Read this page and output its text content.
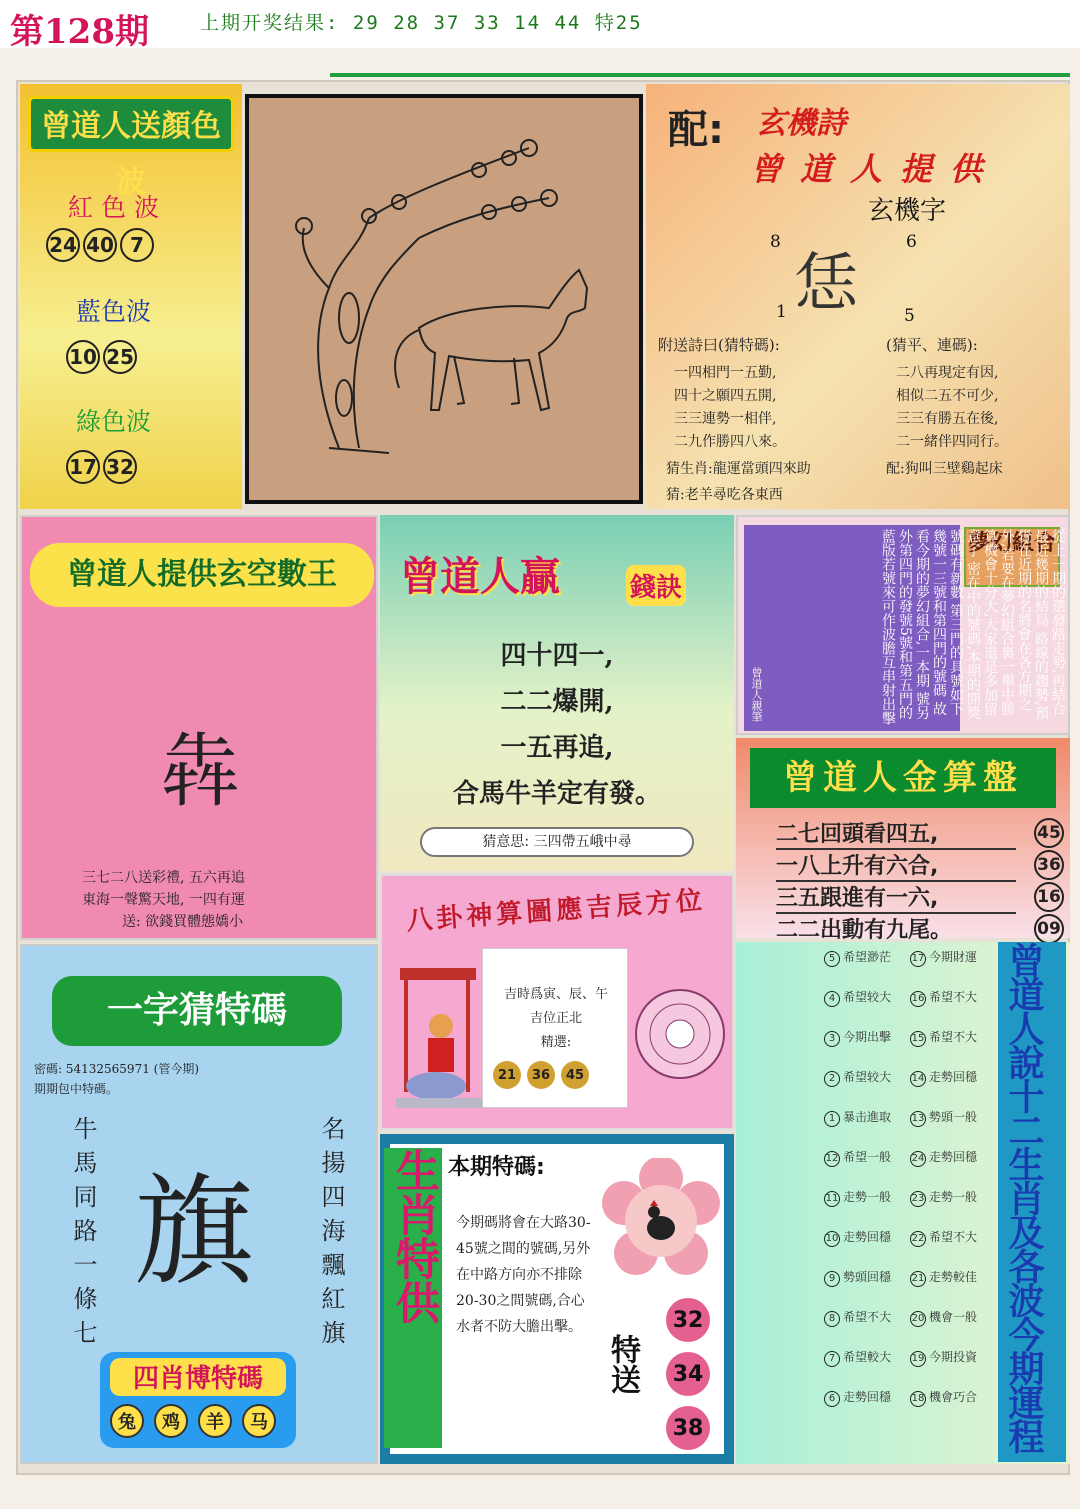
第128期	上期开奖结果: 29 28 37 33 14 44 特25
曾道人送顏色波
紅色波
24 40 7
藍色波
10 25
綠色波
17 32
配: 玄機詩
曾道人提供
玄機字
8	6
恁
1	5
附送詩曰(猜特碼):	(猜平、連碼):
一四相門一五勤,
四十之願四五開,
三三連勢一相伴,
二九作勝四八來。
二八再現定有因,
相似二五不可少,
三三有勝五在後,
二一緒伴四同行。
猜生肖:龍運當頭四來助	配:狗叫三壁鷄起床
猜:老羊尋吃各東西
曾道人提供玄空數王
犇
三七二八送彩禮, 五六再追
東海一聲驚天地, 一四有運
送: 欲錢買體態嬌小
曾道人贏	錢訣
四十四一,
二二爆開,
一五再追,
合馬牛羊定有發。
猜意思: 三四帶五峨中尋
夢幻組合
從上一期的選發路走勢,再結合最近幾期的結局 路線的趨勢,預覺在近期的名將會在各方期之外,若要在夢幻組合裏一舉中勝算機會十分大,大家還是多加留意了 密在中的號碼,本期的開獎號碼有新數 第三門的具號如下幾號一三號和第四門的號碼 故看今期的夢幻組合,一本期 號另外第四門的發號5號和第五門的 藍版若號來可作波膽互串射出擊
曾道人親筆
曾道人金算盤
二七回頭看四五,	45
一八上升有六合,	36
三五跟進有一六,	16
二二出動有九尾。	09
一字猜特碼
密碼: 54132565971 (管今期)
期期包中特碼。
牛馬同路一條七	名揚四海飄紅旗
旗
四肖博特碼
兔 鸡 羊 马
八卦神算圖應吉辰方位
吉時爲寅、辰、午
吉位正北
精選:
21 36 45
生肖特供 本期特碼:
今期碼將會在大路30-45號之間的號碼,另外在中路方向亦不排除20-30之間號碼,合心水者不防大膽出擊。
特送
32 34 38	曾道人說十二生肖及各波今期運程
5 希望渺茫	17 今期財運
4 希望较大	16 希望不大
3 今期出擊	15 希望不大
2 希望较大	14 走勢回穩
1 暴击進取	13 勢頭一般
12 希望一般	24 走勢回穩
11 走勢一般	23 走勢一般
10 走勢回穩	22 希望不大
9 勢頭回穩	21 走勢較佳
8 希望不大	20 機會一般
7 希望較大	19 今期投資
6 走勢回穩	18 機會巧合
